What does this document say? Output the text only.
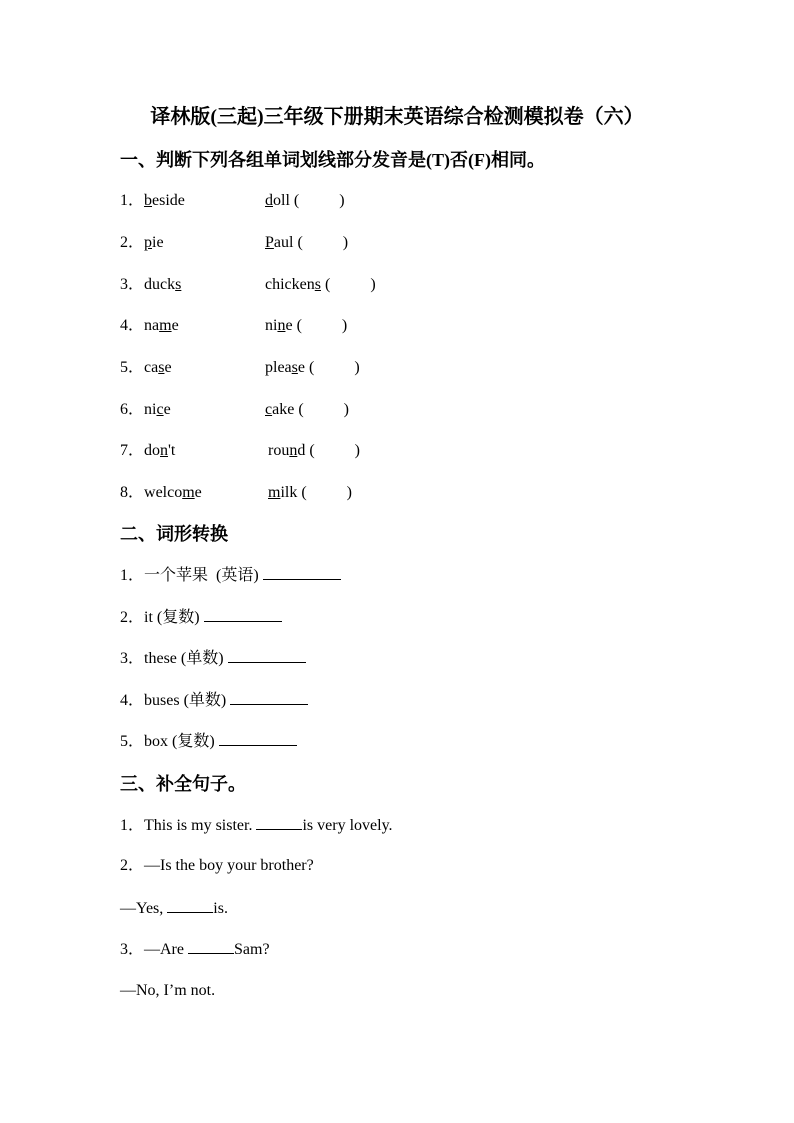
译林版(三起)三年级下册期末英语综合检测模拟卷（六）
一、判断下列各组单词划线部分发音是(T)否(F)相同。
1．beside	doll (          )
2．pie	Paul (          )
3．ducks	chickens (          )
4．name	nine (          )
5．case	please (          )
6．nice	cake (          )
7．don't	round (          )
8．welcome	milk (          )
二、词形转换
1．一个苹果  (英语)
2．it (复数)
3．these (单数)
4．buses (单数)
5．box (复数)
三、补全句子。
1．This is my sister.	is very lovely.
2．—Is the boy your brother?
—Yes,	is.
3．—Are	Sam?
—No, I’m not.
